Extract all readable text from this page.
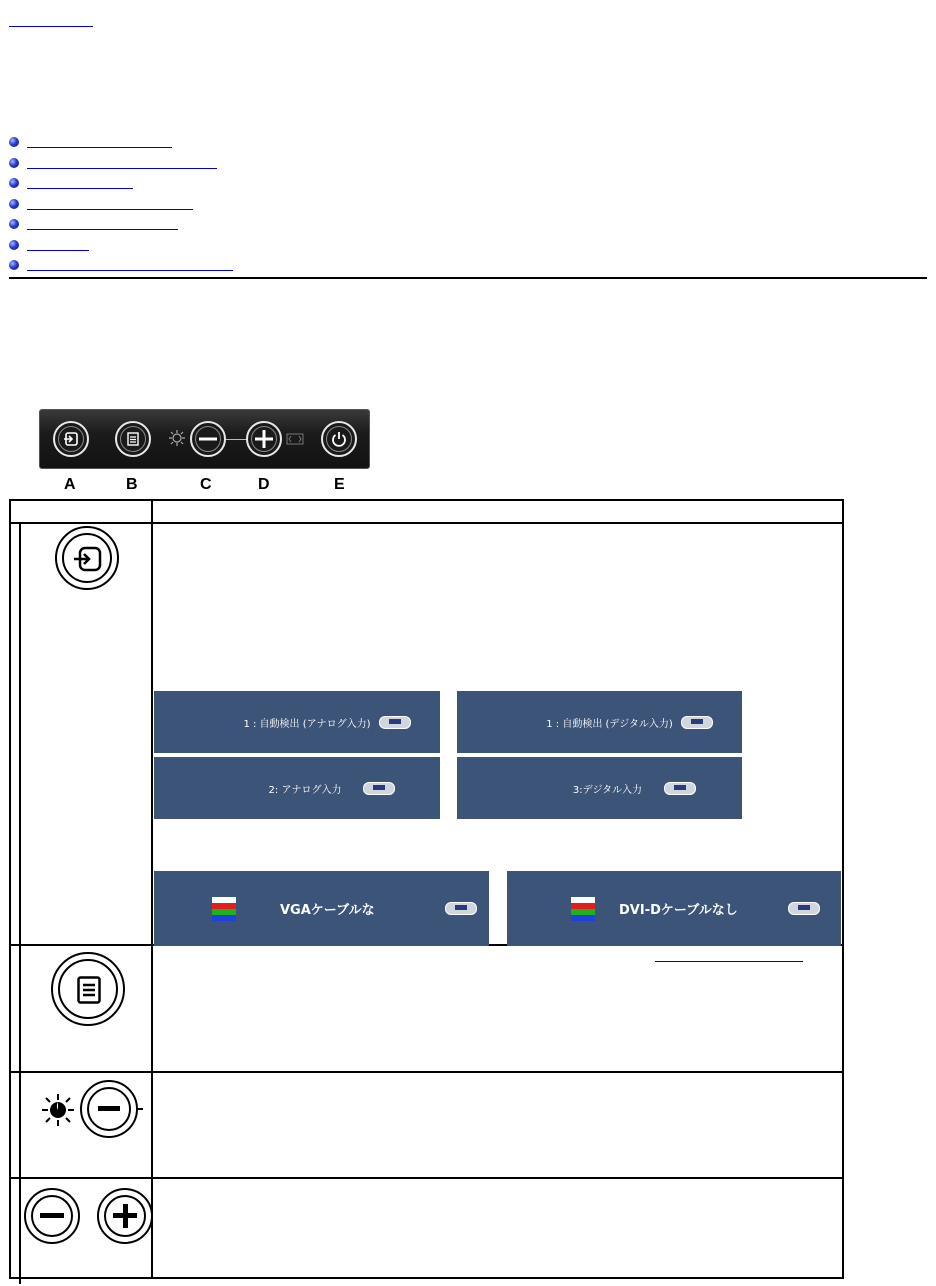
A	B	C	D	E

1 : 自動検出 (アナログ入力)	1 : 自動検出 (デジタル入力)
2: アナログ入力	3:デジタル入力
VGAケーブルな	DVI-Dケーブルなし
